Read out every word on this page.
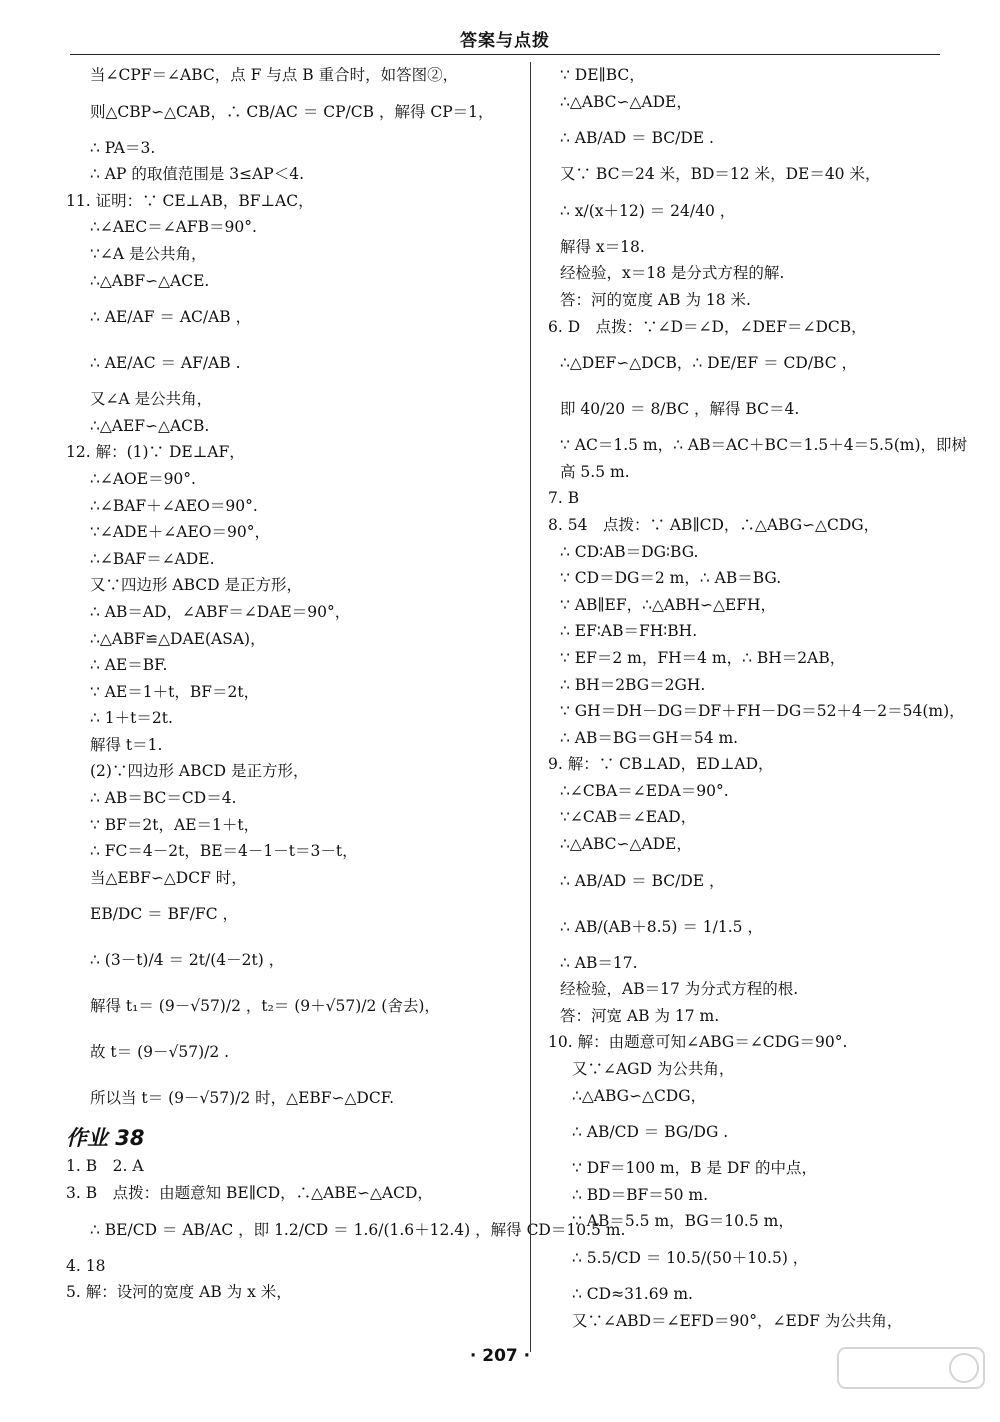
答案与点拨
当∠CPF＝∠ABC，点 F 与点 B 重合时，如答图②，
则△CBP∽△CAB，∴ CB/AC ＝ CP/CB ，解得 CP＝1，
∴ PA＝3.
∴ AP 的取值范围是 3≤AP＜4.
11. 证明：∵ CE⊥AB，BF⊥AC，
∴∠AEC＝∠AFB＝90°.
∵∠A 是公共角，
∴△ABF∽△ACE.
∴ AE/AF ＝ AC/AB ，
∴ AE/AC ＝ AF/AB .
又∠A 是公共角，
∴△AEF∽△ACB.
12. 解：(1)∵ DE⊥AF，
∴∠AOE＝90°.
∴∠BAF＋∠AEO＝90°.
∵∠ADE＋∠AEO＝90°，
∴∠BAF＝∠ADE.
又∵四边形 ABCD 是正方形，
∴ AB＝AD，∠ABF＝∠DAE＝90°，
∴△ABF≌△DAE(ASA)，
∴ AE＝BF.
∵ AE＝1＋t，BF＝2t，
∴ 1＋t＝2t.
解得 t＝1.
(2)∵四边形 ABCD 是正方形，
∴ AB＝BC＝CD＝4.
∵ BF＝2t，AE＝1＋t，
∴ FC＝4－2t，BE＝4－1－t＝3－t，
当△EBF∽△DCF 时，
EB/DC ＝ BF/FC ，
∴ (3－t)/4 ＝ 2t/(4－2t) ，
解得 t₁＝ (9－√57)/2 ，t₂＝ (9＋√57)/2 (舍去)，
故 t＝ (9－√57)/2 .
所以当 t＝ (9－√57)/2 时，△EBF∽△DCF.
作业 38
1. B　2. A
3. B　点拨：由题意知 BE∥CD，∴△ABE∽△ACD，
∴ BE/CD ＝ AB/AC ，即 1.2/CD ＝ 1.6/(1.6＋12.4) ，解得 CD＝10.5 m.
4. 18
5. 解：设河的宽度 AB 为 x 米，
∵ DE∥BC，
∴△ABC∽△ADE，
∴ AB/AD ＝ BC/DE .
又∵ BC＝24 米，BD＝12 米，DE＝40 米，
∴ x/(x＋12) ＝ 24/40 ，
解得 x＝18.
经检验，x＝18 是分式方程的解.
答：河的宽度 AB 为 18 米.
6. D　点拨：∵∠D＝∠D，∠DEF＝∠DCB，
∴△DEF∽△DCB，∴ DE/EF ＝ CD/BC ，
即 40/20 ＝ 8/BC ，解得 BC＝4.
∵ AC＝1.5 m，∴ AB＝AC＋BC＝1.5＋4＝5.5(m)，即树
高 5.5 m.
7. B
8. 54　点拨：∵ AB∥CD，∴△ABG∽△CDG，
∴ CD∶AB＝DG∶BG.
∵ CD＝DG＝2 m，∴ AB＝BG.
∵ AB∥EF，∴△ABH∽△EFH，
∴ EF∶AB＝FH∶BH.
∵ EF＝2 m，FH＝4 m，∴ BH＝2AB，
∴ BH＝2BG＝2GH.
∵ GH＝DH－DG＝DF＋FH－DG＝52＋4－2＝54(m)，
∴ AB＝BG＝GH＝54 m.
9. 解：∵ CB⊥AD，ED⊥AD，
∴∠CBA＝∠EDA＝90°.
∵∠CAB＝∠EAD，
∴△ABC∽△ADE，
∴ AB/AD ＝ BC/DE ，
∴ AB/(AB＋8.5) ＝ 1/1.5 ，
∴ AB＝17.
经检验，AB＝17 为分式方程的根.
答：河宽 AB 为 17 m.
10. 解：由题意可知∠ABG＝∠CDG＝90°.
又∵∠AGD 为公共角，
∴△ABG∽△CDG，
∴ AB/CD ＝ BG/DG .
∵ DF＝100 m，B 是 DF 的中点，
∴ BD＝BF＝50 m.
∵ AB＝5.5 m，BG＝10.5 m，
∴ 5.5/CD ＝ 10.5/(50＋10.5) ，
∴ CD≈31.69 m.
又∵∠ABD＝∠EFD＝90°，∠EDF 为公共角，
· 207 ·
